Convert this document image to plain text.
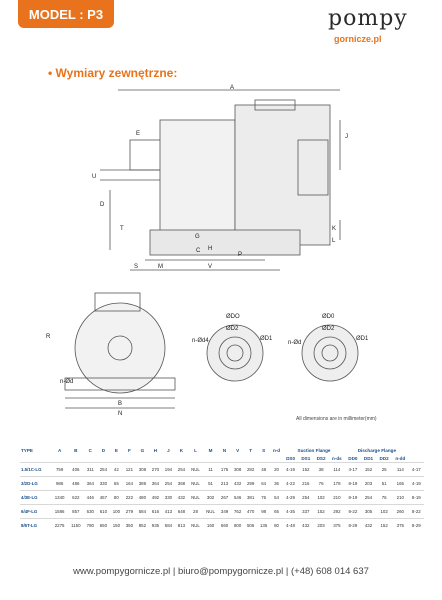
MODEL : P3	pompy
gornicze.pl
• Wymiary zewnętrzne:
A
E	J
U
D
K
C
G
H
S	M	V
P
T
L
n-Ød
B
N
R
ØDO
ØD2
ØD1
n-Ød4
ØD0
ØD2
ØD1
n-Ød
All dimensions are in millimeter(mm)
TYPE	A	B	C	D	E	F	G	H	J	K	L	M	N	V	T	S	n-d	Suction Flange				Discharge Flange				
																		DS0	DS1	DS2	n-ds	DD0	DD1	DD2	n-dd	
1.5/1C-LG	759	406	311	254	42	121	308	270	194	254	NUL	11	175	308	282	48	20	4-19	152	38	114	4-17	152	25	114	4-17
3/2D-LG	986	486	364	330	65	164	389	364	254	368	NUL	51	213	432	299	64	36	4-22	216	76	178	8-19	203	51	165	4-19
4/3E-LG	1340	622	446	457	80	222	480	492	330	432	NUL	302	267	546	381	76	54	4-29	254	102	210	8-19	254	76	210	8-19
6/4F-LG	1586	857	630	610	100	279	584	616	413	648	28	NUL	349	762	470	98	65	4-35	337	152	292	8-22	305	102	260	8-22
8/6T-LG	2275	1150	780	650	150	350	852	935	584	813	NUL	160	660	800	506	135	80	4-48	432	203	375	8-29	432	152	375	8-29
www.pompygornicze.pl | biuro@pompygornicze.pl | (+48) 608 014 637
